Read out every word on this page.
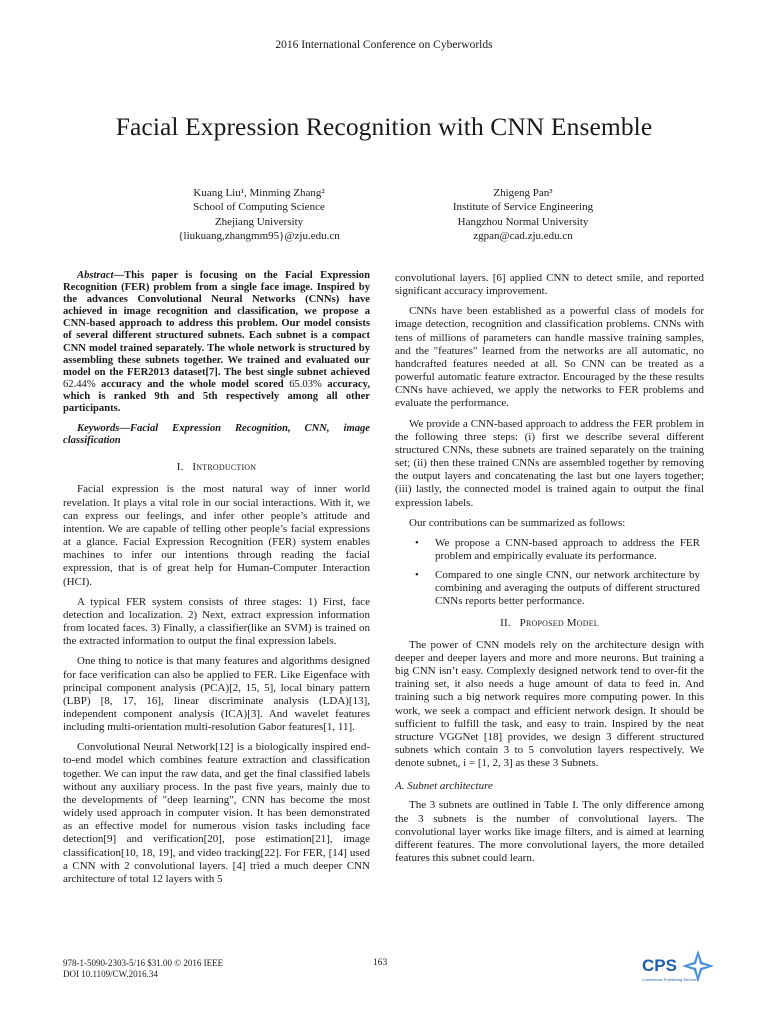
2016 International Conference on Cyberworlds
Facial Expression Recognition with CNN Ensemble
Kuang Liu¹, Minming Zhang²
School of Computing Science
Zhejiang University
{liukuang,zhangmm95}@zju.edu.cn
Zhigeng Pan³
Institute of Service Engineering
Hangzhou Normal University
zgpan@cad.zju.edu.cn

Abstract—This paper is focusing on the Facial Expression Recognition (FER) problem from a single face image. Inspired by the advances Convolutional Neural Networks (CNNs) have achieved in image recognition and classification, we propose a CNN-based approach to address this problem. Our model consists of several different structured subnets. Each subnet is a compact CNN model trained separately. The whole network is structured by assembling these subnets together. We trained and evaluated our model on the FER2013 dataset[7]. The best single subnet achieved 62.44% accuracy and the whole model scored 65.03% accuracy, which is ranked 9th and 5th respectively among all other participants.

Keywords—Facial Expression Recognition, CNN, image classification

I. Introduction

Facial expression is the most natural way of inner world revelation. It plays a vital role in our social interactions. With it, we can express our feelings, and infer other people’s attitude and intention. We are capable of telling other people’s facial expressions at a glance. Facial Expression Recognition (FER) system enables machines to infer our intentions through reading the facial expression, that is of great help for Human-Computer Interaction (HCI).

A typical FER system consists of three stages: 1) First, face detection and localization. 2) Next, extract expression information from located faces. 3) Finally, a classifier(like an SVM) is trained on the extracted information to output the final expression labels.

One thing to notice is that many features and algorithms designed for face verification can also be applied to FER. Like Eigenface with principal component analysis (PCA)[2, 15, 5], local binary pattern (LBP) [8, 17, 16], linear discriminate analysis (LDA)[13], independent component analysis (ICA)[3]. And wavelet features including multi-orientation multi-resolution Gabor features[1, 11].

Convolutional Neural Network[12] is a biologically inspired end-to-end model which combines feature extraction and classification together. We can input the raw data, and get the final classified labels without any auxiliary process. In the past five years, mainly due to the developments of "deep learning", CNN has become the most widely used approach in computer vision. It has been demonstrated as an effective model for numerous vision tasks including face detection[9] and verification[20], pose estimation[21], image classification[10, 18, 19], and video tracking[22]. For FER, [14] used a CNN with 2 convolutional layers. [4] tried a much deeper CNN architecture of total 12 layers with 5

convolutional layers. [6] applied CNN to detect smile, and reported significant accuracy improvement.

CNNs have been established as a powerful class of models for image detection, recognition and classification problems. CNNs with tens of millions of parameters can handle massive training samples, and the "features" learned from the networks are all automatic, no handcrafted features needed at all. So CNN can be treated as a powerful automatic feature extractor. Encouraged by the these results CNNs have achieved, we apply the networks to FER problems and evaluate the performance.

We provide a CNN-based approach to address the FER problem in the following three steps: (i) first we describe several different structured CNNs, these subnets are trained separately on the training set; (ii) then these trained CNNs are assembled together by removing the output layers and concatenating the last but one layers together; (iii) lastly, the connected model is trained again to output the final expression labels.

Our contributions can be summarized as follows:

• We propose a CNN-based approach to address the FER problem and empirically evaluate its performance.
• Compared to one single CNN, our network architecture by combining and averaging the outputs of different structured CNNs reports better performance.
II. Proposed Model

The power of CNN models rely on the architecture design with deeper and deeper layers and more and more neurons. But training a big CNN isn’t easy. Complexly designed network tend to over-fit the training set, it also needs a huge amount of data to feed in. And training such a big network requires more computing power. In this work, we seek a compact and efficient network design. It should be sufficient to fulfill the task, and easy to train. Inspired by the neat structure VGGNet [18] provides, we design 3 different structured subnets which contain 3 to 5 convolution layers respectively. We denote subnetᵢ, i = [1, 2, 3] as these 3 Subnets.

A. Subnet architecture

The 3 subnets are outlined in Table I. The only difference among the 3 subnets is the number of convolutional layers. The convolutional layer works like image filters, and is aimed at learning different features. The more convolutional layers, the more detailed features this subnet could learn.

978-1-5090-2303-5/16 $31.00 © 2016 IEEE
DOI 10.1109/CW.2016.34
163	CPS
Conference Publishing Services
